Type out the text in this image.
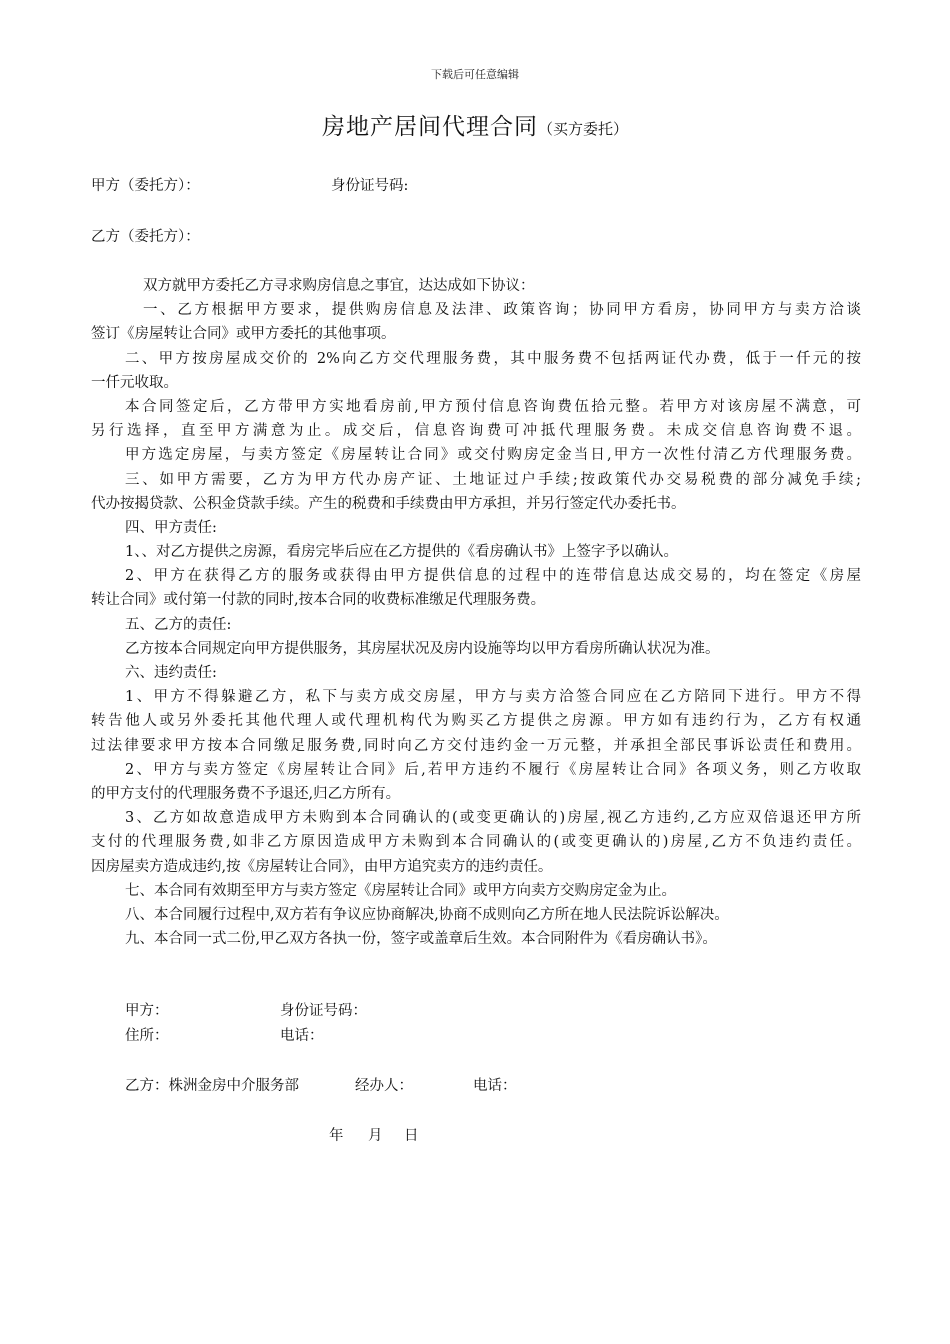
下载后可任意编辑
房地产居间代理合同（买方委托）
甲方（委托方）：	身份证号码:
乙方（委托方）：
双方就甲方委托乙方寻求购房信息之事宜，达达成如下协议：
一、乙方根据甲方要求，提供购房信息及法津、政策咨询；协同甲方看房，协同甲方与卖方洽谈
签订《房屋转让合同》或甲方委托的其他事项。
二、甲方按房屋成交价的 2%向乙方交代理服务费，其中服务费不包括两证代办费，低于一仟元的按
一仟元收取。
本合同签定后，乙方带甲方实地看房前,甲方预付信息咨询费伍拾元整。若甲方对该房屋不满意，可
另行选择，直至甲方满意为止。成交后，信息咨询费可冲抵代理服务费。未成交信息咨询费不退。
甲方选定房屋，与卖方签定《房屋转让合同》或交付购房定金当日,甲方一次性付清乙方代理服务费。
三、如甲方需要，乙方为甲方代办房产证、土地证过户手续;按政策代办交易税费的部分减免手续;
代办按揭贷款、公积金贷款手续。产生的税费和手续费由甲方承担，并另行签定代办委托书。
四、甲方责任:
1、、对乙方提供之房源，看房完毕后应在乙方提供的《看房确认书》上签字予以确认。
2、甲方在获得乙方的服务或获得由甲方提供信息的过程中的连带信息达成交易的，均在签定《房屋
转让合同》或付第一付款的同时,按本合同的收费标准缴足代理服务费。
五、乙方的责任:
乙方按本合同规定向甲方提供服务，其房屋状况及房内设施等均以甲方看房所确认状况为准。
六、违约责任:
1、甲方不得躲避乙方，私下与卖方成交房屋，甲方与卖方洽签合同应在乙方陪同下进行。甲方不得
转告他人或另外委托其他代理人或代理机构代为购买乙方提供之房源。甲方如有违约行为，乙方有权通
过法律要求甲方按本合同缴足服务费,同时向乙方交付违约金一万元整，并承担全部民事诉讼责任和费用。
2、甲方与卖方签定《房屋转让合同》后,若甲方违约不履行《房屋转让合同》各项义务，则乙方收取
的甲方支付的代理服务费不予退还,归乙方所有。
3、乙方如故意造成甲方未购到本合同确认的(或变更确认的)房屋,视乙方违约,乙方应双倍退还甲方所
支付的代理服务费,如非乙方原因造成甲方未购到本合同确认的(或变更确认的)房屋,乙方不负违约责任。
因房屋卖方造成违约,按《房屋转让合同》，由甲方追究卖方的违约责任。
七、本合同有效期至甲方与卖方签定《房屋转让合同》或甲方向卖方交购房定金为止。
八、本合同履行过程中,双方若有争议应协商解决,协商不成则向乙方所在地人民法院诉讼解决。
九、本合同一式二份,甲乙双方各执一份，签字或盖章后生效。本合同附件为《看房确认书》。
甲方：	身份证号码：
住所：	电话：
乙方：株洲金房中介服务部	经办人：	电话：
年 月 日
